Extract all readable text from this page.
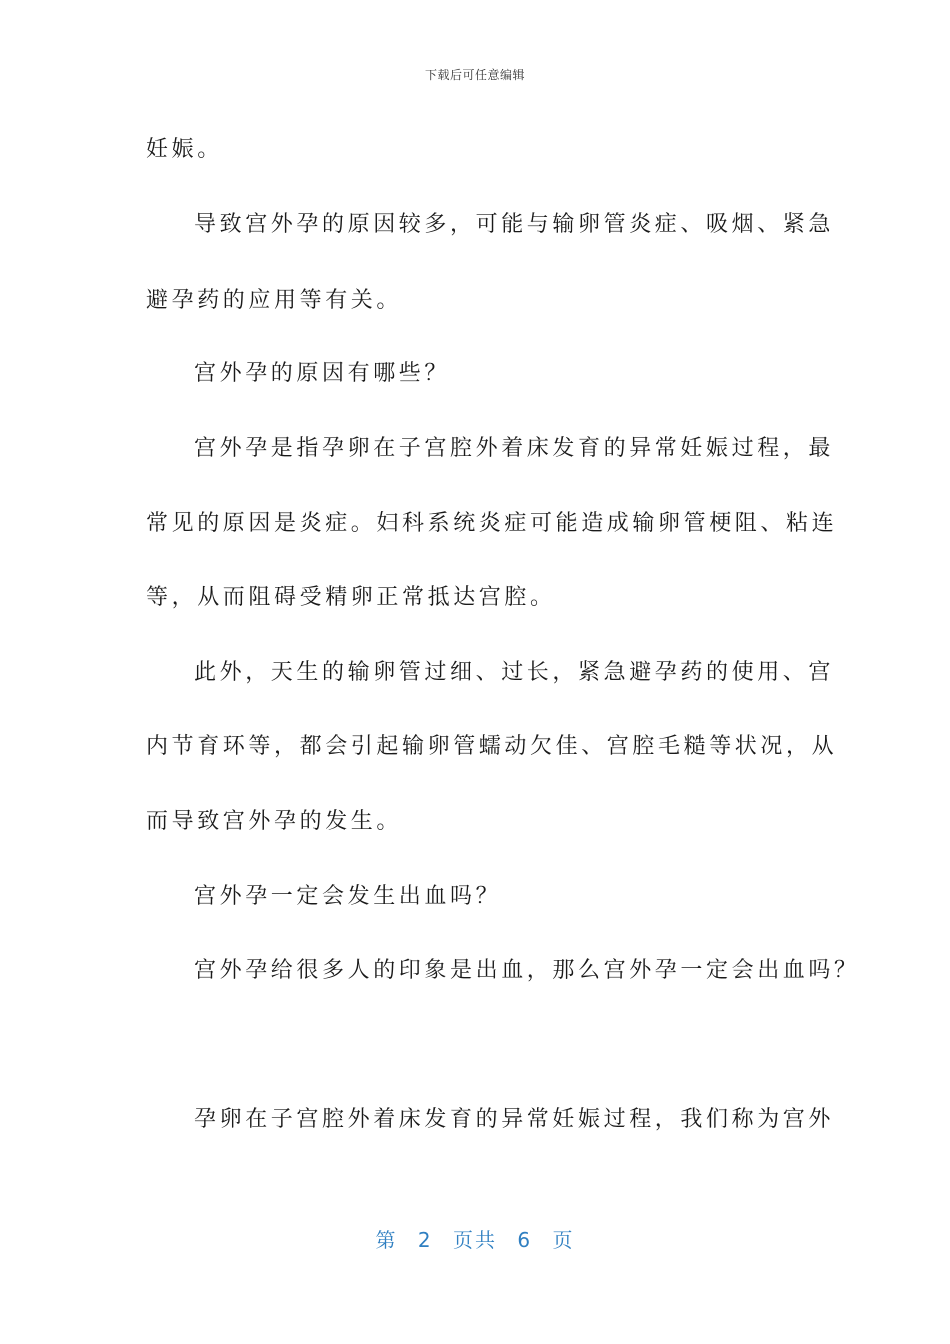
下载后可任意编辑
妊娠。
导致宫外孕的原因较多，可能与输卵管炎症、吸烟、紧急
避孕药的应用等有关。
宫外孕的原因有哪些？
宫外孕是指孕卵在子宫腔外着床发育的异常妊娠过程，最
常见的原因是炎症。妇科系统炎症可能造成输卵管梗阻、粘连
等，从而阻碍受精卵正常抵达宫腔。
此外，天生的输卵管过细、过长，紧急避孕药的使用、宫
内节育环等，都会引起输卵管蠕动欠佳、宫腔毛糙等状况，从
而导致宫外孕的发生。
宫外孕一定会发生出血吗？
宫外孕给很多人的印象是出血，那么宫外孕一定会出血吗？
孕卵在子宫腔外着床发育的异常妊娠过程，我们称为宫外
第 2 页共 6 页
